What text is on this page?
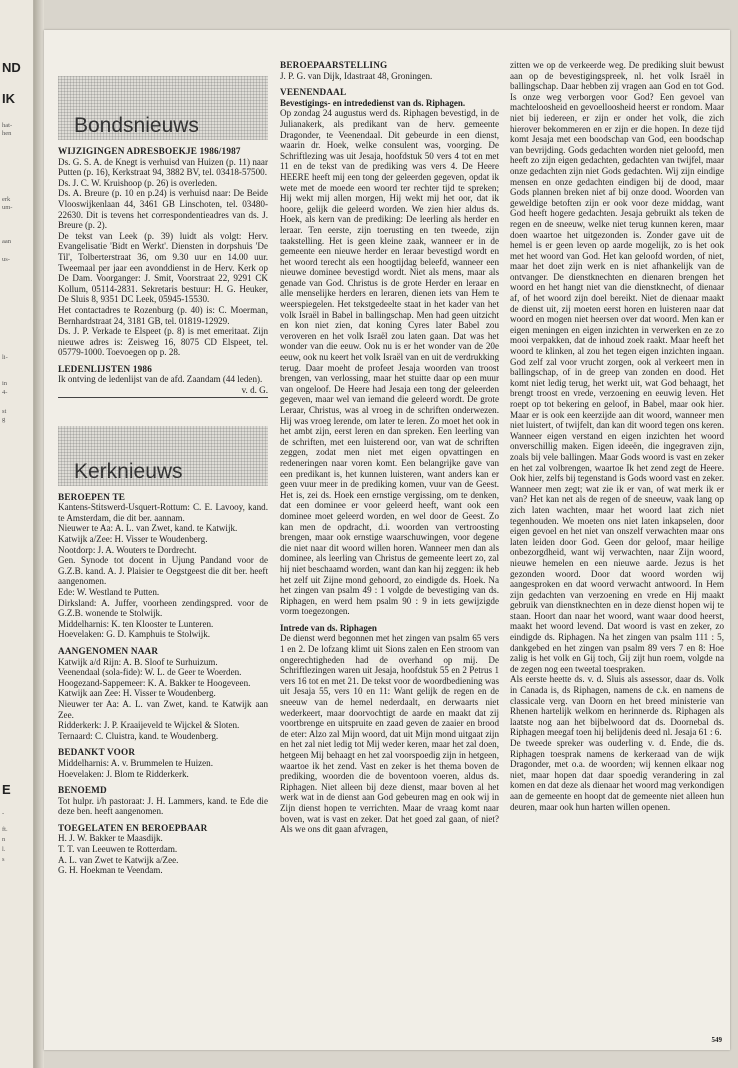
ND
IK
hat-
hen
erk
um-
aan
us-
li-
in
4-
st
g
E
-
ft.
n
l.
s
Bondsnieuws
WIJZIGINGEN ADRESBOEKJE 1986/1987
Ds. G. S. A. de Knegt is verhuisd van Huizen (p. 11) naar Putten (p. 16), Kerkstraat 94, 3882 BV, tel. 03418-57500.
Ds. J. C. W. Kruishoop (p. 26) is overleden.
Ds. A. Breure (p. 10 en p.24) is verhuisd naar: De Beide Vlooswijkenlaan 44, 3461 GB Linschoten, tel. 03480-22630. Dit is tevens het correspondentieadres van ds. J. Breure (p. 2).
De tekst van Leek (p. 39) luidt als volgt: Herv. Evangelisatie 'Bidt en Werkt'. Diensten in dorpshuis 'De Til', Tolberterstraat 36, om 9.30 uur en 14.00 uur. Tweemaal per jaar een avonddienst in de Herv. Kerk op De Dam. Voorganger: J. Smit, Voorstraat 22, 9291 CK Kollum, 05114-2831. Sekretaris bestuur: H. G. Heuker, De Sluis 8, 9351 DC Leek, 05945-15530.
Het contactadres te Rozenburg (p. 40) is: C. Moerman, Bernhardstraat 24, 3181 GB, tel. 01819-12929.
Ds. J. P. Verkade te Elspeet (p. 8) is met emeritaat. Zijn nieuwe adres is: Zeisweg 16, 8075 CD Elspeet, tel. 05779-1000. Toevoegen op p. 28.
LEDENLIJSTEN 1986
Ik ontving de ledenlijst van de afd. Zaandam (44 leden).
v. d. G.
Kerknieuws
BEROEPEN TE
Kantens-Stitswerd-Usquert-Rottum: C. E. Lavooy, kand. te Amsterdam, die dit ber. aannam.
Nieuwer te Aa: A. L. van Zwet, kand. te Katwijk.
Katwijk a/Zee: H. Visser te Woudenberg.
Nootdorp: J. A. Wouters te Dordrecht.
Gen. Synode tot docent in Ujung Pandand voor de G.Z.B. kand. A. J. Plaisier te Oegstgeest die dit ber. heeft aangenomen.
Ede: W. Westland te Putten.
Dirksland: A. Juffer, voorheen zendingspred. voor de G.Z.B. wonende te Stolwijk.
Middelharnis: K. ten Klooster te Lunteren.
Hoevelaken: G. D. Kamphuis te Stolwijk.
AANGENOMEN NAAR
Katwijk a/d Rijn: A. B. Sloof te Surhuizum.
Veenendaal (sola-fide): W. L. de Geer te Woerden.
Hoogezand-Sappemeer: K. A. Bakker te Hoogeveen.
Katwijk aan Zee: H. Visser te Woudenberg.
Nieuwer ter Aa: A. L. van Zwet, kand. te Katwijk aan Zee.
Ridderkerk: J. P. Kraaijeveld te Wijckel & Sloten.
Ternaard: C. Cluistra, kand. te Woudenberg.
BEDANKT VOOR
Middelharnis: A. v. Brummelen te Huizen.
Hoevelaken: J. Blom te Ridderkerk.
BENOEMD
Tot hulpr. i/h pastoraat: J. H. Lammers, kand. te Ede die deze ben. heeft aangenomen.
TOEGELATEN EN BEROEPBAAR
H. J. W. Bakker te Maasdijk.
T. T. van Leeuwen te Rotterdam.
A. L. van Zwet te Katwijk a/Zee.
G. H. Hoekman te Veendam.
BEROEPAARSTELLING
J. P. G. van Dijk, Idastraat 48, Groningen.
VEENENDAAL
Bevestigings- en intrededienst van ds. Riphagen.
Op zondag 24 augustus werd ds. Riphagen bevestigd, in de Julianakerk, als predikant van de herv. gemeente Dragonder, te Veenendaal. Dit gebeurde in een dienst, waarin dr. Hoek, welke consulent was, voorging. De Schriftlezing was uit Jesaja, hoofdstuk 50 vers 4 tot en met 11 en de tekst van de prediking was vers 4. De Heere HEERE heeft mij een tong der geleerden gegeven, opdat ik wete met de moede een woord ter rechter tijd te spreken; Hij wekt mij allen morgen, Hij wekt mij het oor, dat ik hoore, gelijk die geleerd worden. We zien hier aldus ds. Hoek, als kern van de prediking: De leerling als herder en leraar. Ten eerste, zijn toerusting en ten tweede, zijn taakstelling. Het is geen kleine zaak, wanneer er in de gemeente een nieuwe herder en leraar bevestigd wordt en het woord terecht als een hoogtijdag beleefd, wanneer een nieuwe dominee bevestigd wordt. Niet als mens, maar als genade van God. Christus is de grote Herder en leraar en alle menselijke herders en leraren, dienen iets van Hem te weerspiegelen. Het tekstgedeelte staat in het kader van het volk Israël in Babel in ballingschap. Men had geen uitzicht en kon niet zien, dat koning Cyres later Babel zou veroveren en het volk Israël zou laten gaan. Dat was het wonder van die eeuw. Ook nu is er het wonder van de 20e eeuw, ook nu keert het volk Israël van en uit de verdrukking terug. Daar moeht de profeet Jesaja woorden van troost brengen, van verlossing, maar het stuitte daar op een muur van ongeloof. De Heere had Jesaja een tong der geleerden gegeven, maar wel van iemand die geleerd wordt. De grote Leraar, Christus, was al vroeg in de schriften onderwezen. Hij was vroeg lerende, om later te leren. Zo moet het ook in het ambt zijn, eerst leren en dan spreken. Een leerling van de schriften, met een luisterend oor, van wat de schriften zeggen, zodat men niet met eigen opvattingen en redeneringen naar voren komt. Een belangrijke gave van een predikant is, het kunnen luisteren, want anders kan er geen vuur meer in de prediking komen, vuur van de Geest. Het is, zei ds. Hoek een ernstige vergissing, om te denken, dat een dominee er voor geleerd heeft, want ook een dominee moet geleerd worden, en wel door de Geest. Zo kan men de opdracht, d.i. woorden van vertroosting brengen, maar ook ernstige waarschuwingen, voor degene die niet naar dit woord willen horen. Wanneer men dan als dominee, als leerling van Christus de gemeente leert zo, zal hij niet beschaamd worden, want dan kan hij zeggen: ik heb het zelf uit Zijne mond gehoord, zo eindigde ds. Hoek. Na het zingen van psalm 49 : 1 volgde de bevestiging van ds. Riphagen, en werd hem psalm 90 : 9 in iets gewijzigde vorm toegezongen.
Intrede van ds. Riphagen
De dienst werd begonnen met het zingen van psalm 65 vers 1 en 2. De lofzang klimt uit Sions zalen en Een stroom van ongerechtigheden had de overhand op mij. De Schriftlezingen waren uit Jesaja, hoofdstuk 55 en 2 Petrus 1 vers 16 tot en met 21. De tekst voor de woordbediening was uit Jesaja 55, vers 10 en 11: Want gelijk de regen en de sneeuw van de hemel nederdaalt, en derwaarts niet wederkeert, maar doorvochtigt de aarde en maakt dat zij voortbrenge en uitspruite en zaad geven de zaaier en brood de eter: Alzo zal Mijn woord, dat uit Mijn mond uitgaat zijn en het zal niet ledig tot Mij weder keren, maar het zal doen, hetgeen Mij behaagt en het zal voorspoedig zijn in hetgeen, waartoe ik het zend. Vast en zeker is het thema boven de prediking, woorden die de boventoon voeren, aldus ds. Riphagen. Niet alleen bij deze dienst, maar boven al het werk wat in de dienst aan God gebeuren mag en ook wij in Zijn dienst hopen te verrichten. Maar de vraag komt naar boven, wat is vast en zeker. Dat het goed zal gaan, of niet? Als we ons dit gaan afvragen,
zitten we op de verkeerde weg. De prediking sluit bewust aan op de bevestigingspreek, nl. het volk Israël in ballingschap. Daar hebben zij vragen aan God en tot God. Is onze weg verborgen voor God? Een gevoel van machteloosheid en gevoelloosheid heerst er rondom. Maar niet bij iedereen, er zijn er onder het volk, die zich hierover bekommeren en er zijn er die hopen. In deze tijd komt Jesaja met een boodschap van God, een boodschap van bevrijding. Gods gedachten worden niet geloofd, men heeft zo zijn eigen gedachten, gedachten van twijfel, maar onze gedachten zijn niet Gods gedachten. Wij zijn eindige mensen en onze gedachten eindigen bij de dood, maar Gods plannen breken niet af bij onze dood. Woorden van geweldige betoften zijn er ook voor deze middag, want God heeft hogere gedachten. Jesaja gebruikt als teken de regen en de sneeuw, welke niet terug kunnen keren, maar doen waartoe het uitgezonden is. Zonder gave uit de hemel is er geen leven op aarde mogelijk, zo is het ook met het woord van God. Het kan geloofd worden, of niet, maar het doet zijn werk en is niet afhankelijk van de ontvanger. De dienstknechten en dienaren brengen het woord en het hangt niet van die dienstknecht, of dienaar af, of het woord zijn doel bereikt. Niet de dienaar maakt de dienst uit, zij moeten eerst horen en luisteren naar dat woord en mogen niet heersen over dat woord. Men kan er eigen meningen en eigen inzichten in verwerken en ze zo mooi verpakken, dat de inhoud zoek raakt. Maar heeft het woord te klinken, al zou het tegen eigen inzichten ingaan. God zelf zal voor vrucht zorgen, ook al verkeert men in ballingschap, of in de greep van zonden en dood. Het komt niet ledig terug, het werkt uit, wat God behaagt, het brengt troost en vrede, verzoening en eeuwig leven. Het roept op tot bekering en geloof, in Babel, maar ook hier. Maar er is ook een keerzijde aan dit woord, wanneer men niet luistert, of twijfelt, dan kan dit woord tegen ons keren. Wanneer eigen verstand en eigen inzichten het woord onverschillig maken. Eigen ideeën, die ingegraven zijn, zoals bij vele ballingen. Maar Gods woord is vast en zeker en het zal volbrengen, waartoe Ik het zend zegt de Heere. Ook hier, zelfs bij tegenstand is Gods woord vast en zeker. Wanneer men zegt; wat zie ik er van, of wat merk ik er van? Het kan net als de regen of de sneeuw, vaak lang op zich laten wachten, maar het woord laat zich niet tegenhouden. We moeten ons niet laten inkapselen, door eigen gevoel en het niet van onszelf verwachten maar ons laten leiden door God. Geen dor geloof, maar heilige onbezorgdheid, want wij verwachten, naar Zijn woord, nieuwe hemelen en een nieuwe aarde. Jezus is het gezonden woord. Door dat woord worden wij aangesproken en dat woord verwacht antwoord. In Hem zijn gedachten van verzoening en vrede en Hij maakt gebruik van dienstknechten en in deze dienst hopen wij te staan. Hoort dan naar het woord, want waar dood heerst, maakt het woord levend. Dat woord is vast en zeker, zo eindigde ds. Riphagen. Na het zingen van psalm 111 : 5, dankgebed en het zingen van psalm 89 vers 7 en 8: Hoe zalig is het volk en Gij toch, Gij zijt hun roem, volgde na de zegen nog een tweetal toespraken.
Als eerste heette ds. v. d. Sluis als assessor, daar ds. Volk in Canada is, ds Riphagen, namens de c.k. en namens de classicale verg. van Doorn en het breed ministerie van Rhenen hartelijk welkom en herinnerde ds. Riphagen als laatste nog aan het bijbelwoord dat ds. Doornebal ds. Riphagen meegaf toen hij belijdenis deed nl. Jesaja 61 : 6.
De tweede spreker was ouderling v. d. Ende, die ds. Riphagen toesprak namens de kerkeraad van de wijk Dragonder, met o.a. de woorden; wij kennen elkaar nog niet, maar hopen dat daar spoedig verandering in zal komen en dat deze als dienaar het woord mag verkondigen aan de gemeente en hoopt dat de gemeente niet alleen hun deuren, maar ook hun harten willen openen.
549
